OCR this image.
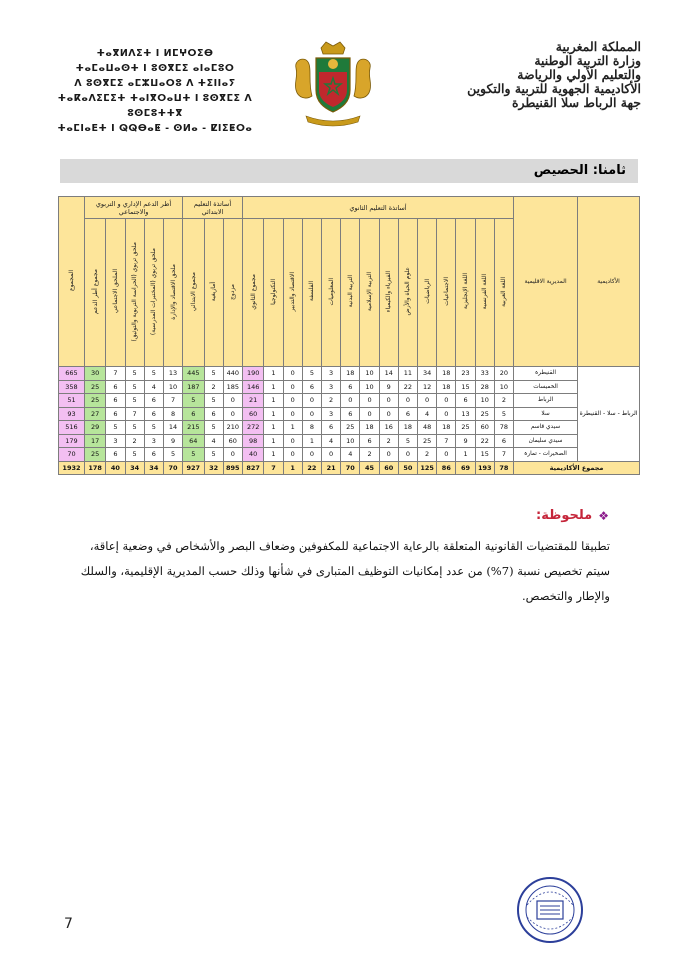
المملكة المغربية
وزارة التربية الوطنية
والتعليم الأولي والرياضة
الأكاديمية الجهوية للتربية والتكوين
جهة الرباط سلا القنيطرة
ⵜⴰⴳⵍⴷⵉⵜ ⵏ ⵍⵎⵖⵔⵉⴱ
ⵜⴰⵎⴰⵡⴰⵙⵜ ⵏ ⵓⵙⴳⵎⵉ ⴰⵏⴰⵎⵓⵔ
ⴷ ⵓⵙⴳⵎⵉ ⴰⵎⵣⵡⴰⵔⵓ ⴷ ⵜⵉⵏⵏⴰⵢ
ⵜⴰⴽⴰⴷⵉⵎⵉⵜ ⵜⴰⵏⴳⵔⴰⵡⵜ ⵏ ⵓⵙⴳⵎⵉ ⴷ ⵓⵙⵎⵓⵜⵜⴳ
ⵜⴰⵎⵏⴰⴹⵜ ⵏ ⵕⵕⴱⴰⵟ - ⵙⵍⴰ - ⵇⵏⵉⵟⵔⴰ
ثامنا: الحصيص
الأكاديمية	المديرية الاقليمية	أساتذة التعليم الثانوي														أساتذة التعليم الابتدائي			أطر الدعم الإداري و التربوي والاجتماعي					المجموع
		اللغة العربية	اللغة الفرنسية	اللغة الإنجليزية	الاجتماعيات	الرياضيات	علوم الحياة والأرض	الفيزياء والكيمياء	التربية الإسلامية	التربية البدنية	المعلوميات	الفلسفة	الاقتصاد والتدبير	التكنولوجيا	مجموع الثانوي	مزدوج	أمازيغية	مجموع الابتدائي	ملحق الاقتصاد والإدارة	ملحق تربوي (المختبرات المدرسية)	ملحق تربوي (الحراسة التربوية والتوثيق)	الملحق الاجتماعي	مجموع أطر الدعم	
الرباط - سلا - القنيطرة	القنيطرة	20	33	23	18	34	11	14	10	18	3	5	0	1	190	440	5	445	13	5	5	7	30	665
	الخميسات	10	28	15	18	12	22	9	10	6	3	6	0	1	146	185	2	187	10	4	5	6	25	358
	الرباط	2	10	6	0	0	0	0	0	0	2	0	0	1	21	0	5	5	7	6	5	6	25	51
	سلا	5	25	13	0	4	6	0	0	6	3	0	0	1	60	0	6	6	8	6	7	6	27	93
	سيدي قاسم	78	60	25	18	48	18	16	18	25	6	8	1	1	272	210	5	215	14	5	5	5	29	516
	سيدي سليمان	6	22	9	7	25	5	2	6	10	4	1	0	1	98	60	4	64	9	3	2	3	17	179
	الصخيرات - تمارة	7	15	1	0	2	0	0	2	4	0	0	0	1	40	0	5	5	5	6	5	6	25	70
مجموع الأكاديمية		78	193	69	86	125	50	60	45	70	21	22	1	7	827	895	32	927	70	34	34	40	178	1932
❖
ملحوظة:
تطبيقا للمقتضيات القانونية المتعلقة بالرعاية الاجتماعية للمكفوفين وضعاف البصر والأشخاص في وضعية إعاقة، سيتم تخصيص نسبة (7%) من عدد إمكانيات التوظيف المتبارى في شأنها وذلك حسب المديرية الإقليمية، والسلك والإطار والتخصص.
7
